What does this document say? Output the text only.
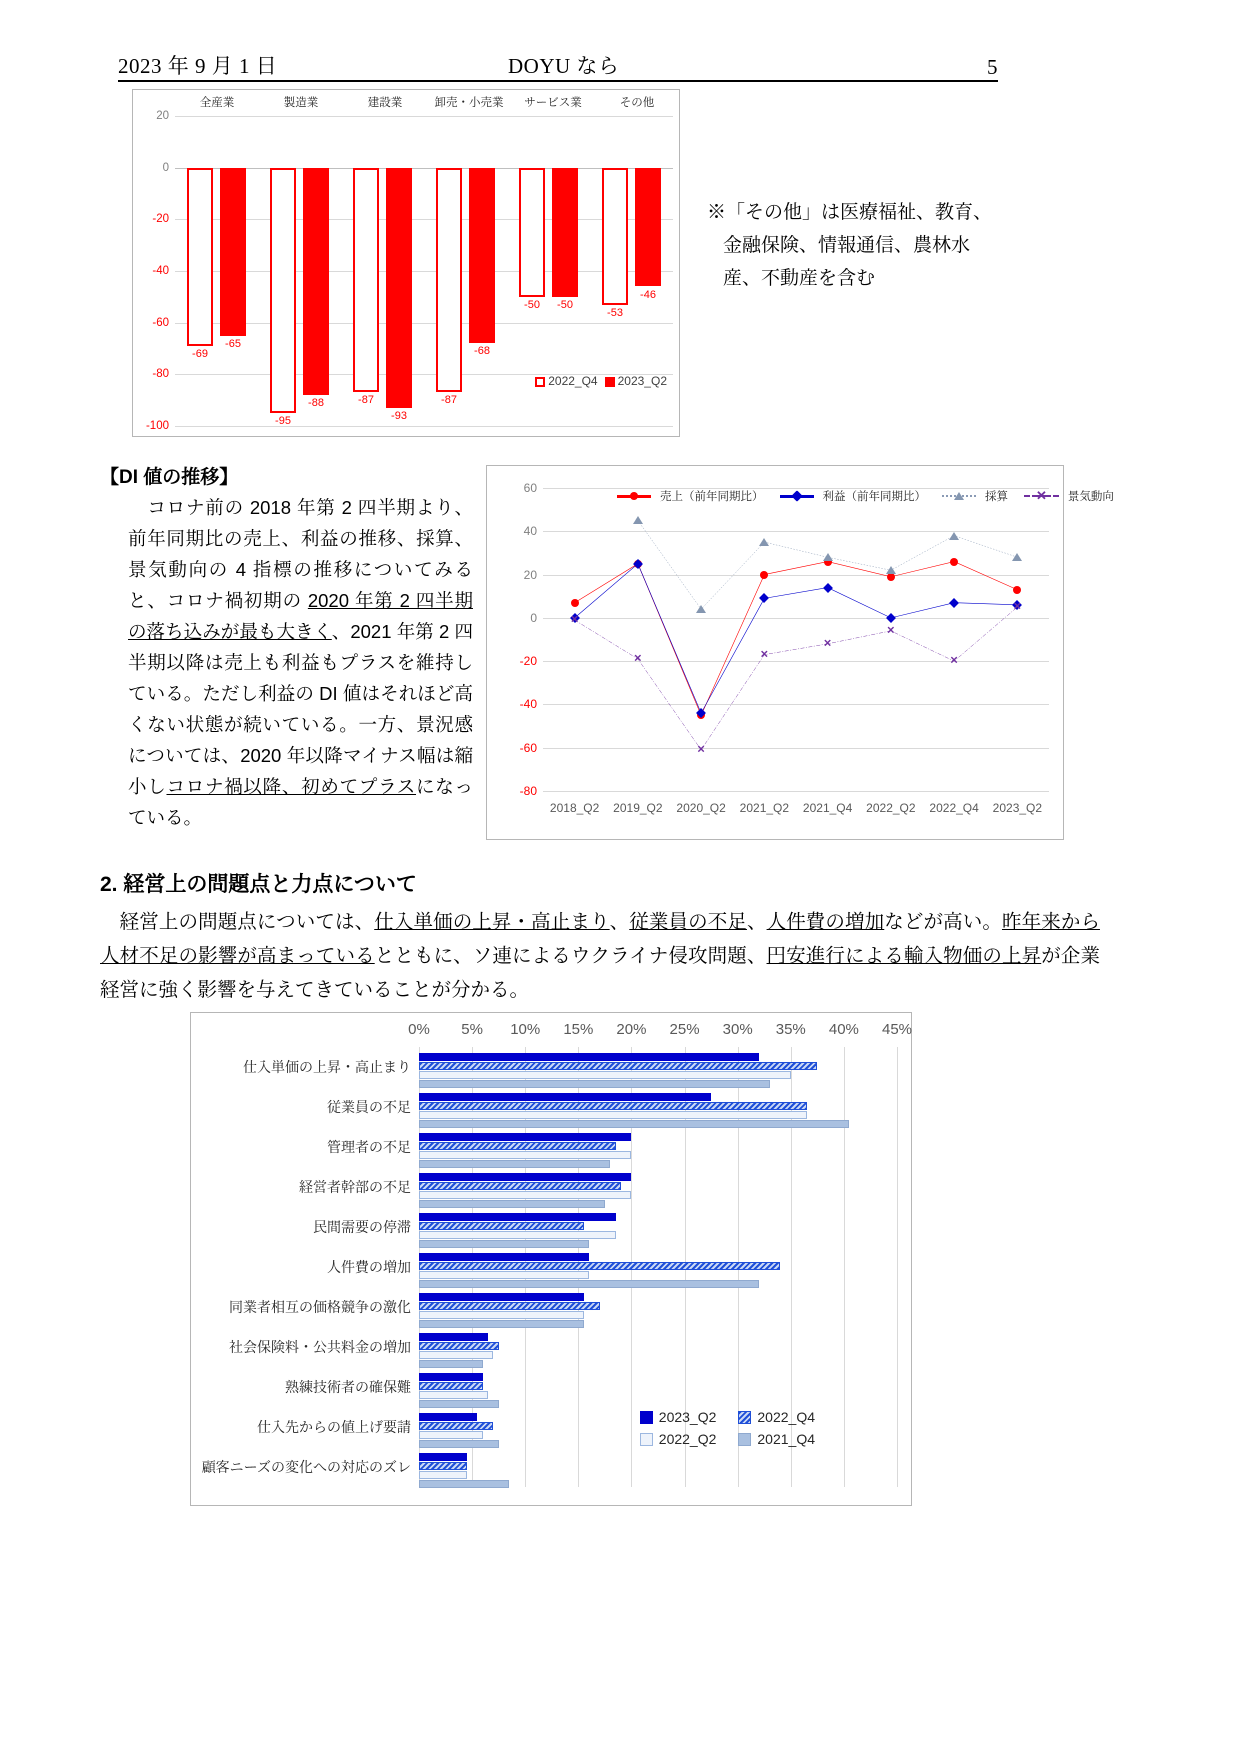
2023 年 9 月 1 日	DOYU なら	5
全産業	製造業	建設業	卸売・小売業	サービス業	その他
20
0
-20
-40
-60
-80
-100
-69
-65
-95
-88	-87
-93
-87
-68
-50 -50
-53
-46
2022_Q4 2023_Q2
※「その他」は医療福祉、教育、
金融保険、情報通信、農林水
産、不動産を含む
【DI 値の推移】
　コロナ前の 2018 年第 2 四半期より、前年同期比の売上、利益の推移、採算、景気動向の 4 指標の推移についてみると、コロナ禍初期の 2020 年第 2 四半期の落ち込みが最も大きく、2021 年第 2 四半期以降は売上も利益もプラスを維持している。ただし利益の DI 値はそれほど高くない状態が続いている。一方、景況感については、2020 年以降マイナス幅は縮小しコロナ禍以降、初めてプラスになっている。
60
40
20
0
-20
-40
-60
-80
✕
✕
✕
✕
✕
✕
✕
✕
2018_Q2	2019_Q2	2020_Q2	2021_Q2	2021_Q4	2022_Q2	2022_Q4	2023_Q2
売上（前年同期比）	利益（前年同期比）	採算 ✕ 景気動向
2. 経営上の問題点と力点について
　経営上の問題点については、仕入単価の上昇・高止まり、従業員の不足、人件費の増加などが高い。昨年来から人材不足の影響が高まっているとともに、ソ連によるウクライナ侵攻問題、円安進行による輸入物価の上昇が企業経営に強く影響を与えてきていることが分かる。
0% 5% 10% 15% 20% 25% 30% 35% 40% 45%
仕入単価の上昇・高止まり
従業員の不足
管理者の不足
経営者幹部の不足
民間需要の停滞
人件費の増加
同業者相互の価格競争の激化
社会保険料・公共料金の増加
熟練技術者の確保難
仕入先からの値上げ要請
顧客ニーズの変化への対応のズレ
2023_Q2	2022_Q4
2022_Q2	2021_Q4
